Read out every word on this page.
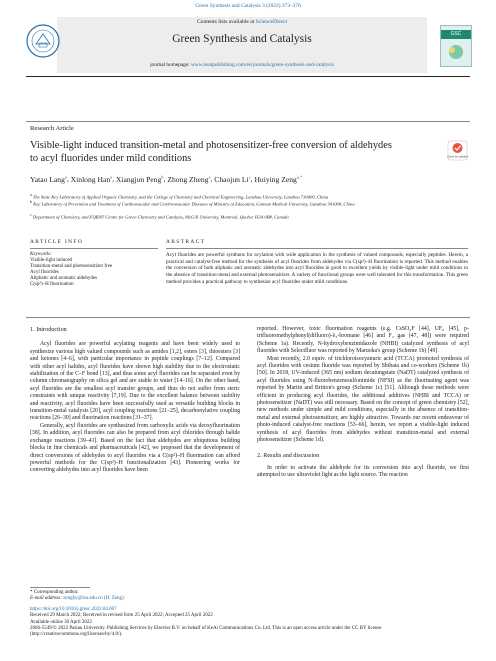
Green Synthesis and Catalysis 3 (2022) 373–376
Contents lists available at ScienceDirect
Green Synthesis and Catalysis
journal homepage: www.keaipublishing.com/en/journals/green-synthesis-and-catalysis
GSC
Research Article
Visible-light induced transition-metal and photosensitizer-free conversion of aldehydes to acyl fluorides under mild conditions	Check for updates
Yatao Lang$^a$, Xinlong Han$^a$, Xiangjun Peng$^b$, Zhong Zheng$^a$, Chaojun Li$^c$, Huiying Zeng$^{a,*}$
$^a$ The State Key Laboratory of Applied Organic Chemistry, and the College of Chemistry and Chemical Engineering, Lanzhou University, Lanzhou 730000, China
$^b$ Key Laboratory of Prevention and Treatment of Cardiovascular and Cerebrovascular Diseases of Ministry of Education, Gannan Medical University, Ganzhou 341000, China
$^c$ Department of Chemistry, and FQRNT Centre for Green Chemistry and Catalysis, McGill University, Montreal, Quebec H3A 0B8, Canada
ARTICLE INFO	ABSTRACT
Keywords:
Visible-light induced
Transition-metal and photosensitizer free
Acyl fluorides
Aliphatic and aromatic aldehydes
C(sp²)–H fluorination
Acyl fluorides are powerful synthons for acylation with wide application in the synthesis of valued compounds, especially peptides. Herein, a practical and catalyst-free method for the synthesis of acyl fluorides from aldehydes via C(sp²)–H fluorination is reported. This method enables the conversion of both aliphatic and aromatic aldehydes into acyl fluorides in good to excellent yields by visible-light under mild conditions in the absence of transition-metal and external photosensitizer. A variety of functional groups were well tolerated for this transformation. This green method provides a practical pathway to synthesize acyl fluorides under mild conditions.
1. Introduction

Acyl fluorides are powerful acylating reagents and have been widely used to synthesize various high valued compounds such as amides [1,2], esters [3], thioesters [3] and ketones [4–6], with particular importance in peptide couplings [7–12]. Compared with other acyl halides, acyl fluorides have shown high stability due to the electrostatic stabilization of the C–F bond [13], and thus some acyl fluorides can be separated even by column chromatography on silica gel and are stable to water [14–16]. On the other hand, acyl fluorides are the smallest acyl transfer groups, and thus do not suffer from steric constraints with unique reactivity [7,19]. Due to the excellent balance between stability and reactivity, acyl fluorides have been successfully used as versatile building blocks in transition-metal catalysis [20], acyl coupling reactions [21–25], decarbonylative coupling reactions [26–30] and fluorination reactions [31–37].

Generally, acyl fluorides are synthesized from carboxylic acids via deoxyfluorination [38]. In addition, acyl fluorides can also be prepared from acyl chlorides through halide exchange reactions [39–41]. Based on the fact that aldehydes are ubiquitous building blocks in fine chemicals and pharmaceuticals [42], we proposed that the development of direct conversions of aldehydes to acyl fluorides via a C(sp²)–H fluorination can afford powerful methods for the C(sp²)–H functionalization [43]. Pioneering works for converting aldehydes into acyl fluorides have been

reported. However, toxic fluorination reagents (e.g. CsSO₄F [44], UF₆ [45], p-trifluoromethylphenyl(difluoro)-λ₃-bromane [46] and F₂ gas [47, 48]) were required (Scheme 1a). Recently, N-hydroxybenzimidazole (NHBI) catalyzed synthesis of acyl fluorides with Selectfluor was reported by Maruoka's group (Scheme 1b) [49].

Most recently, 2.0 equiv. of trichloroisocyanuric acid (TCCA) promoted synthesis of acyl fluorides with cesium fluoride was reported by Shibata and co-workers (Scheme 1b) [50]. In 2018, UV-induced (365 nm) sodium decatungstate (NaDT) catalyzed synthesis of acyl fluorides using N-fluorobenzenesulfonimide (NFSI) as the fluorinating agent was reported by Martin and Britton's group (Scheme 1c) [51]. Although those methods were efficient in producing acyl fluorides, the additional additives (NHBI and TCCA) or photosensitizer (NaDT) was still necessary. Based on the concept of green chemistry [52], new methods under simple and mild conditions, especially in the absence of transition-metal and external photosensitizer, are highly attractive. Towards our recent endeavour of photo-induced catalyst-free reactions [53–66], herein, we report a visible-light induced synthesis of acyl fluorides from aldehydes without transition-metal and external photosensitizer (Scheme 1d).

2. Results and discussion

In order to activate the aldehyde for its conversion into acyl fluoride, we first attempted to use ultraviolet light as the light source. The reaction

* Corresponding author.
E-mail address: zenghy@lzu.edu.cn (H. Zeng).
https://doi.org/10.1016/j.gresc.2022.04.007
Received 29 March 2022; Received in revised form 25 April 2022; Accepted 25 April 2022
Available online 30 April 2022
2666-5549/© 2022 Pasiau University. Publishing Services by Elsevier B.V. on behalf of KeAi Communications Co. Ltd. This is an open access article under the CC BY license (http://creativecommons.org/licenses/by/4.0/).
